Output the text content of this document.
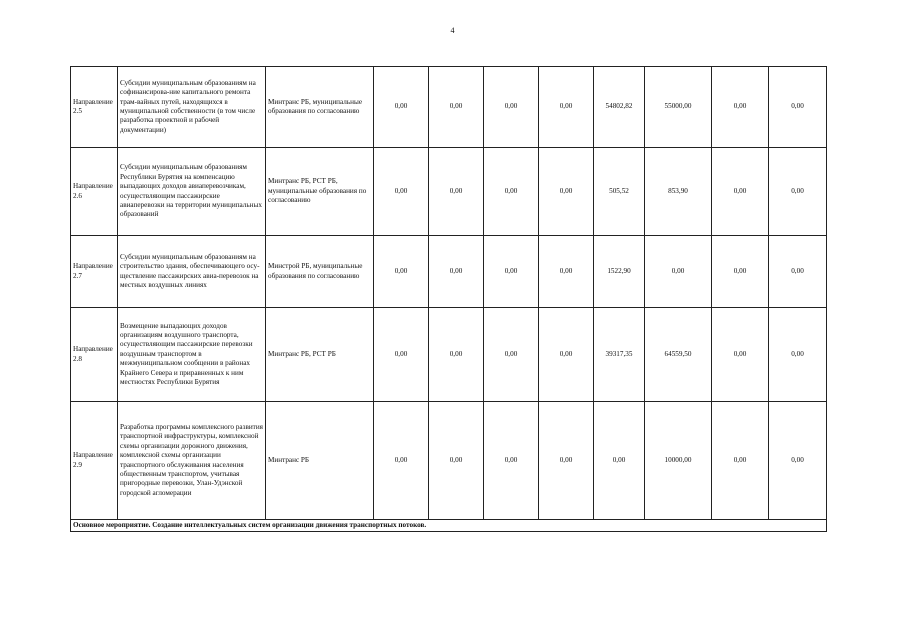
4
Направление 2.5	Субсидии муниципальным образованиям на софинансирова-ние капитального ремонта трам-вайных путей, находящихся в муниципальной собственности (в том числе разработка проектной и рабочей документации)	Минтранс РБ, муниципальные образования по согласованию	0,00	0,00	0,00	0,00	54802,82	55000,00	0,00	0,00
Направление 2.6	Субсидии муниципальным образованиям Республики Бурятия на компенсацию выпадающих доходов авиаперевозчикам, осуществляющим пассажирские авиаперевозки на территории муниципальных образований	Минтранс РБ, РСТ РБ, муниципальные образования по согласованию	0,00	0,00	0,00	0,00	505,52	853,90	0,00	0,00
Направление 2.7	Субсидии муниципальным образованиям на строительство здания, обеспечивающего осу-ществление пассажирских авиа-перевозок на местных воздушных линиях	Минстрой РБ, муниципальные образования по согласованию	0,00	0,00	0,00	0,00	1522,90	0,00	0,00	0,00
Направление 2.8	Возмещение выпадающих доходов организациям воздушного транспорта, осуществляющим пассажирские перевозки воздушным транспортом в межмуниципальном сообщении в районах Крайнего Севера и приравненных к ним местностях Республики Бурятия	Минтранс РБ, РСТ РБ	0,00	0,00	0,00	0,00	39317,35	64559,50	0,00	0,00
Направление 2.9	Разработка программы комплексного развития транспортной инфраструктуры, комплексной схемы организации дорожного движения, комплексной схемы организации транспортного обслуживания населения общественным транспортом, учитывая пригородные перевозки, Улан-Удэнской городской агломерации	Минтранс РБ	0,00	0,00	0,00	0,00	0,00	10000,00	0,00	0,00
Основное мероприятие. Создание интеллектуальных систем организации движения транспортных потоков.										
